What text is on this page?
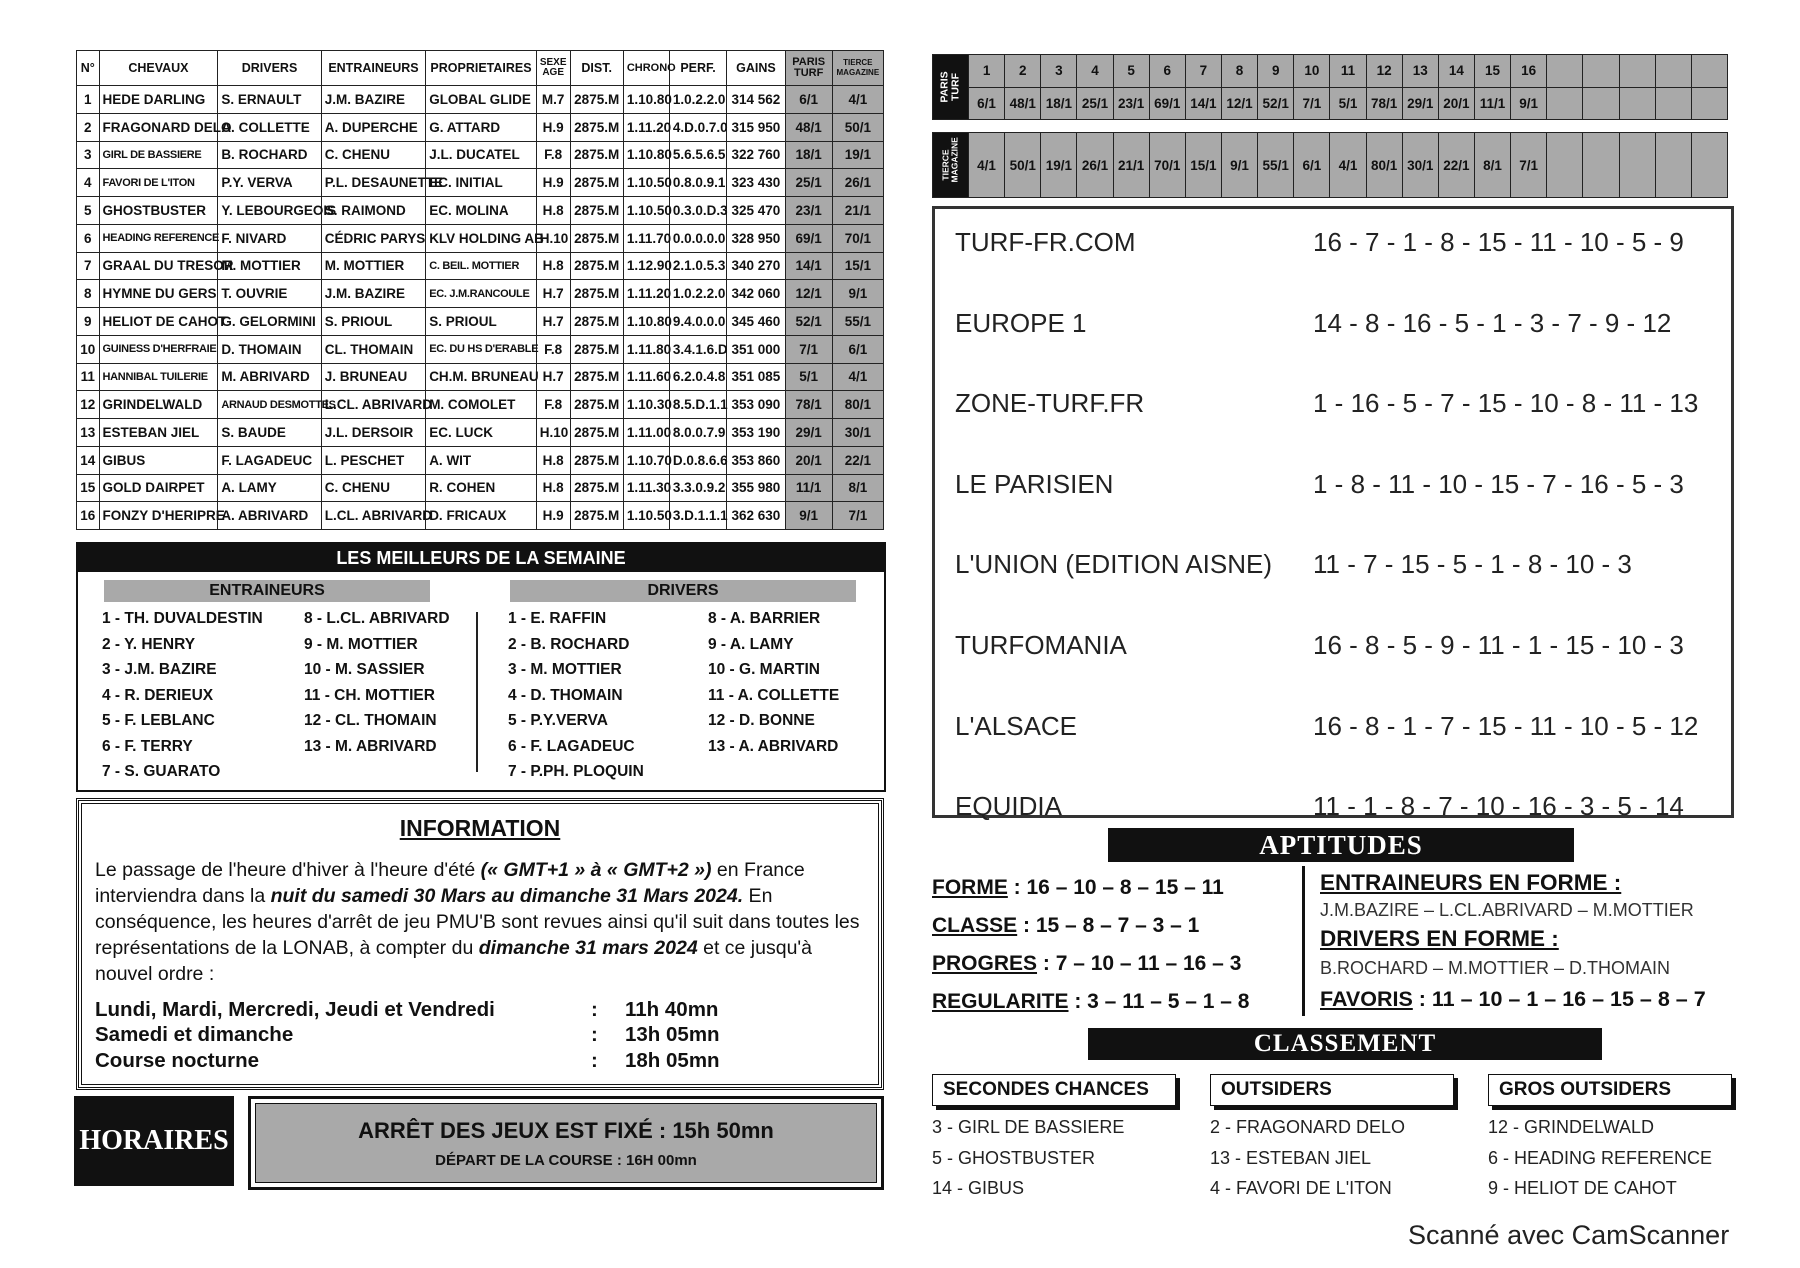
N°	CHEVAUX	DRIVERS	ENTRAINEURS	PROPRIETAIRES	SEXE
AGE	DIST.	CHRONO	PERF.	GAINS	PARIS
TURF	TIERCE
MAGAZINE
1	HEDE DARLING	S. ERNAULT	J.M. BAZIRE	GLOBAL GLIDE	M.7	2875.M	1.10.80	1.0.2.2.0	314 562	6/1	4/1
2	FRAGONARD DELO	A. COLLETTE	A. DUPERCHE	G. ATTARD	H.9	2875.M	1.11.20	4.D.0.7.0	315 950	48/1	50/1
3	GIRL DE BASSIERE	B. ROCHARD	C. CHENU	J.L. DUCATEL	F.8	2875.M	1.10.80	5.6.5.6.5	322 760	18/1	19/1
4	FAVORI DE L'ITON	P.Y. VERVA	P.L. DESAUNETTE	EC. INITIAL	H.9	2875.M	1.10.50	0.8.0.9.1	323 430	25/1	26/1
5	GHOSTBUSTER	Y. LEBOURGEOIS	S. RAIMOND	EC. MOLINA	H.8	2875.M	1.10.50	0.3.0.D.3	325 470	23/1	21/1
6	HEADING REFERENCE	F. NIVARD	CÉDRIC PARYS	KLV HOLDING AB	H.10	2875.M	1.11.70	0.0.0.0.0	328 950	69/1	70/1
7	GRAAL DU TRESOR	M. MOTTIER	M. MOTTIER	C. BEIL. MOTTIER	H.8	2875.M	1.12.90	2.1.0.5.3	340 270	14/1	15/1
8	HYMNE DU GERS	T. OUVRIE	J.M. BAZIRE	EC. J.M.RANCOULE	H.7	2875.M	1.11.20	1.0.2.2.0	342 060	12/1	9/1
9	HELIOT DE CAHOT	G. GELORMINI	S. PRIOUL	S. PRIOUL	H.7	2875.M	1.10.80	9.4.0.0.0	345 460	52/1	55/1
10	GUINESS D'HERFRAIE	D. THOMAIN	CL. THOMAIN	EC. DU HS D'ERABLE	F.8	2875.M	1.11.80	3.4.1.6.D	351 000	7/1	6/1
11	HANNIBAL TUILERIE	M. ABRIVARD	J. BRUNEAU	CH.M. BRUNEAU	H.7	2875.M	1.11.60	6.2.0.4.8	351 085	5/1	4/1
12	GRINDELWALD	ARNAUD DESMOTTES	L.CL. ABRIVARD	M. COMOLET	F.8	2875.M	1.10.30	8.5.D.1.1	353 090	78/1	80/1
13	ESTEBAN JIEL	S. BAUDE	J.L. DERSOIR	EC. LUCK	H.10	2875.M	1.11.00	8.0.0.7.9	353 190	29/1	30/1
14	GIBUS	F. LAGADEUC	L. PESCHET	A. WIT	H.8	2875.M	1.10.70	D.0.8.6.6	353 860	20/1	22/1
15	GOLD DAIRPET	A. LAMY	C. CHENU	R. COHEN	H.8	2875.M	1.11.30	3.3.0.9.2	355 980	11/1	8/1
16	FONZY D'HERIPRE	A. ABRIVARD	L.CL. ABRIVARD	D. FRICAUX	H.9	2875.M	1.10.50	3.D.1.1.1	362 630	9/1	7/1
LES MEILLEURS DE LA SEMAINE
ENTRAINEURS	DRIVERS
1 - TH. DUVALDESTIN
2 - Y. HENRY
3 - J.M. BAZIRE
4 - R. DERIEUX
5 - F. LEBLANC
6 - F. TERRY
7 - S. GUARATO
8 - L.CL. ABRIVARD
9 - M. MOTTIER
10 - M. SASSIER
11 - CH. MOTTIER
12 - CL. THOMAIN
13 - M. ABRIVARD
1 - E. RAFFIN
2 - B. ROCHARD
3 - M. MOTTIER
4 - D. THOMAIN
5 - P.Y.VERVA
6 - F. LAGADEUC
7 - P.PH. PLOQUIN
8 - A. BARRIER
9 - A. LAMY
10 - G. MARTIN
11 - A. COLLETTE
12 - D. BONNE
13 - A. ABRIVARD
INFORMATION
Le passage de l'heure d'hiver à l'heure d'été (« GMT+1 » à « GMT+2 ») en France interviendra dans la nuit du samedi 30 Mars au dimanche 31 Mars 2024. En conséquence, les heures d'arrêt de jeu PMU'B sont revues ainsi qu'il suit dans toutes les représentations de la LONAB, à compter du dimanche 31 mars 2024 et ce jusqu'à nouvel ordre :
Lundi, Mardi, Mercredi, Jeudi et Vendredi	: 11h 40mn
Samedi et dimanche	: 13h 05mn
Course nocturne	: 18h 05mn
HORAIRES	ARRÊT DES JEUX EST FIXÉ : 15h 50mn
DÉPART DE LA COURSE : 16H 00mn
PARIS
TURF	1	2	3	4	5	6	7	8	9	10	11	12	13	14	15	16					
	6/1	48/1	18/1	25/1	23/1	69/1	14/1	12/1	52/1	7/1	5/1	78/1	29/1	20/1	11/1	9/1					
TIERCE
MAGAZINE	4/1	50/1	19/1	26/1	21/1	70/1	15/1	9/1	55/1	6/1	4/1	80/1	30/1	22/1	8/1	7/1					
TURF-FR.COM	16 - 7 - 1 - 8 - 15 - 11 - 10 - 5 - 9
EUROPE 1	14 - 8 - 16 - 5 - 1 - 3 - 7 - 9 - 12
ZONE-TURF.FR	1 - 16 - 5 - 7 - 15 - 10 - 8 - 11 - 13
LE PARISIEN	1 - 8 - 11 - 10 - 15 - 7 - 16 - 5 - 3
L'UNION (EDITION AISNE) 11 - 7 - 15 - 5 - 1 - 8 - 10 - 3
TURFOMANIA	16 - 8 - 5 - 9 - 11 - 1 - 15 - 10 - 3
L'ALSACE	16 - 8 - 1 - 7 - 15 - 11 - 10 - 5 - 12
EQUIDIA	11 - 1 - 8 - 7 - 10 - 16 - 3 - 5 - 14
APTITUDES
FORME : 16 – 10 – 8 – 15 – 11
CLASSE : 15 – 8 – 7 – 3 – 1
PROGRES : 7 – 10 – 11 – 16 – 3
REGULARITE : 3 – 11 – 5 – 1 – 8
ENTRAINEURS EN FORME :
J.M.BAZIRE – L.CL.ABRIVARD – M.MOTTIER
DRIVERS EN FORME :
B.ROCHARD – M.MOTTIER – D.THOMAIN
FAVORIS : 11 – 10 – 1 – 16 – 15 – 8 – 7
CLASSEMENT
SECONDES CHANCES	OUTSIDERS	GROS OUTSIDERS
3 - GIRL DE BASSIERE
5 - GHOSTBUSTER
14 - GIBUS
2 - FRAGONARD DELO
13 - ESTEBAN JIEL
4 - FAVORI DE L'ITON
12 - GRINDELWALD
6 - HEADING REFERENCE
9 - HELIOT DE CAHOT
Scanné avec CamScanner
